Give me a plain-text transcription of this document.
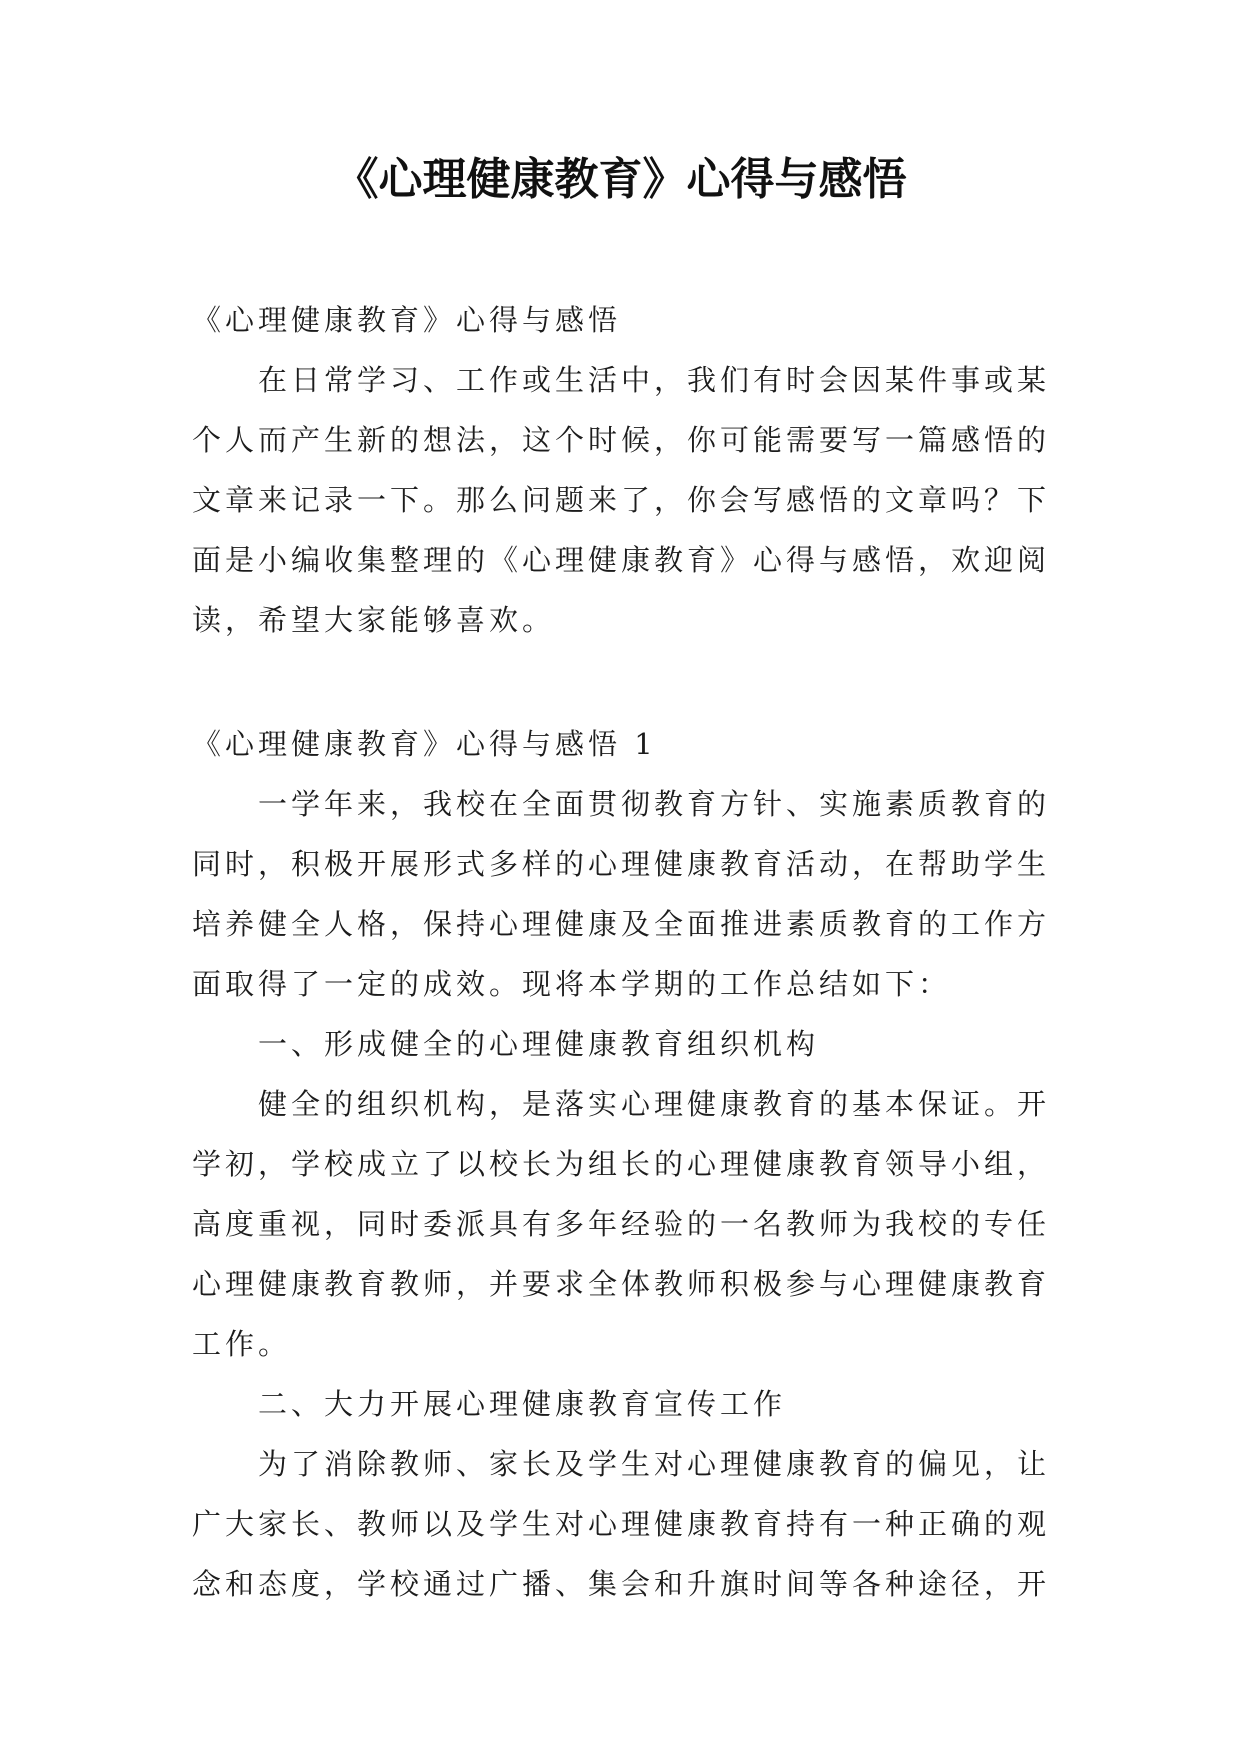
《心理健康教育》心得与感悟

《心理健康教育》心得与感悟

在日常学习、工作或生活中，我们有时会因某件事或某个人而产生新的想法，这个时候，你可能需要写一篇感悟的文章来记录一下。那么问题来了，你会写感悟的文章吗？下面是小编收集整理的《心理健康教育》心得与感悟，欢迎阅读，希望大家能够喜欢。

《心理健康教育》心得与感悟 1

一学年来，我校在全面贯彻教育方针、实施素质教育的同时，积极开展形式多样的心理健康教育活动，在帮助学生培养健全人格，保持心理健康及全面推进素质教育的工作方面取得了一定的成效。现将本学期的工作总结如下：

一、形成健全的心理健康教育组织机构

健全的组织机构，是落实心理健康教育的基本保证。开学初，学校成立了以校长为组长的心理健康教育领导小组，高度重视，同时委派具有多年经验的一名教师为我校的专任心理健康教育教师，并要求全体教师积极参与心理健康教育工作。

二、大力开展心理健康教育宣传工作

为了消除教师、家长及学生对心理健康教育的偏见，让广大家长、教师以及学生对心理健康教育持有一种正确的观念和态度，学校通过广播、集会和升旗时间等各种途径，开
